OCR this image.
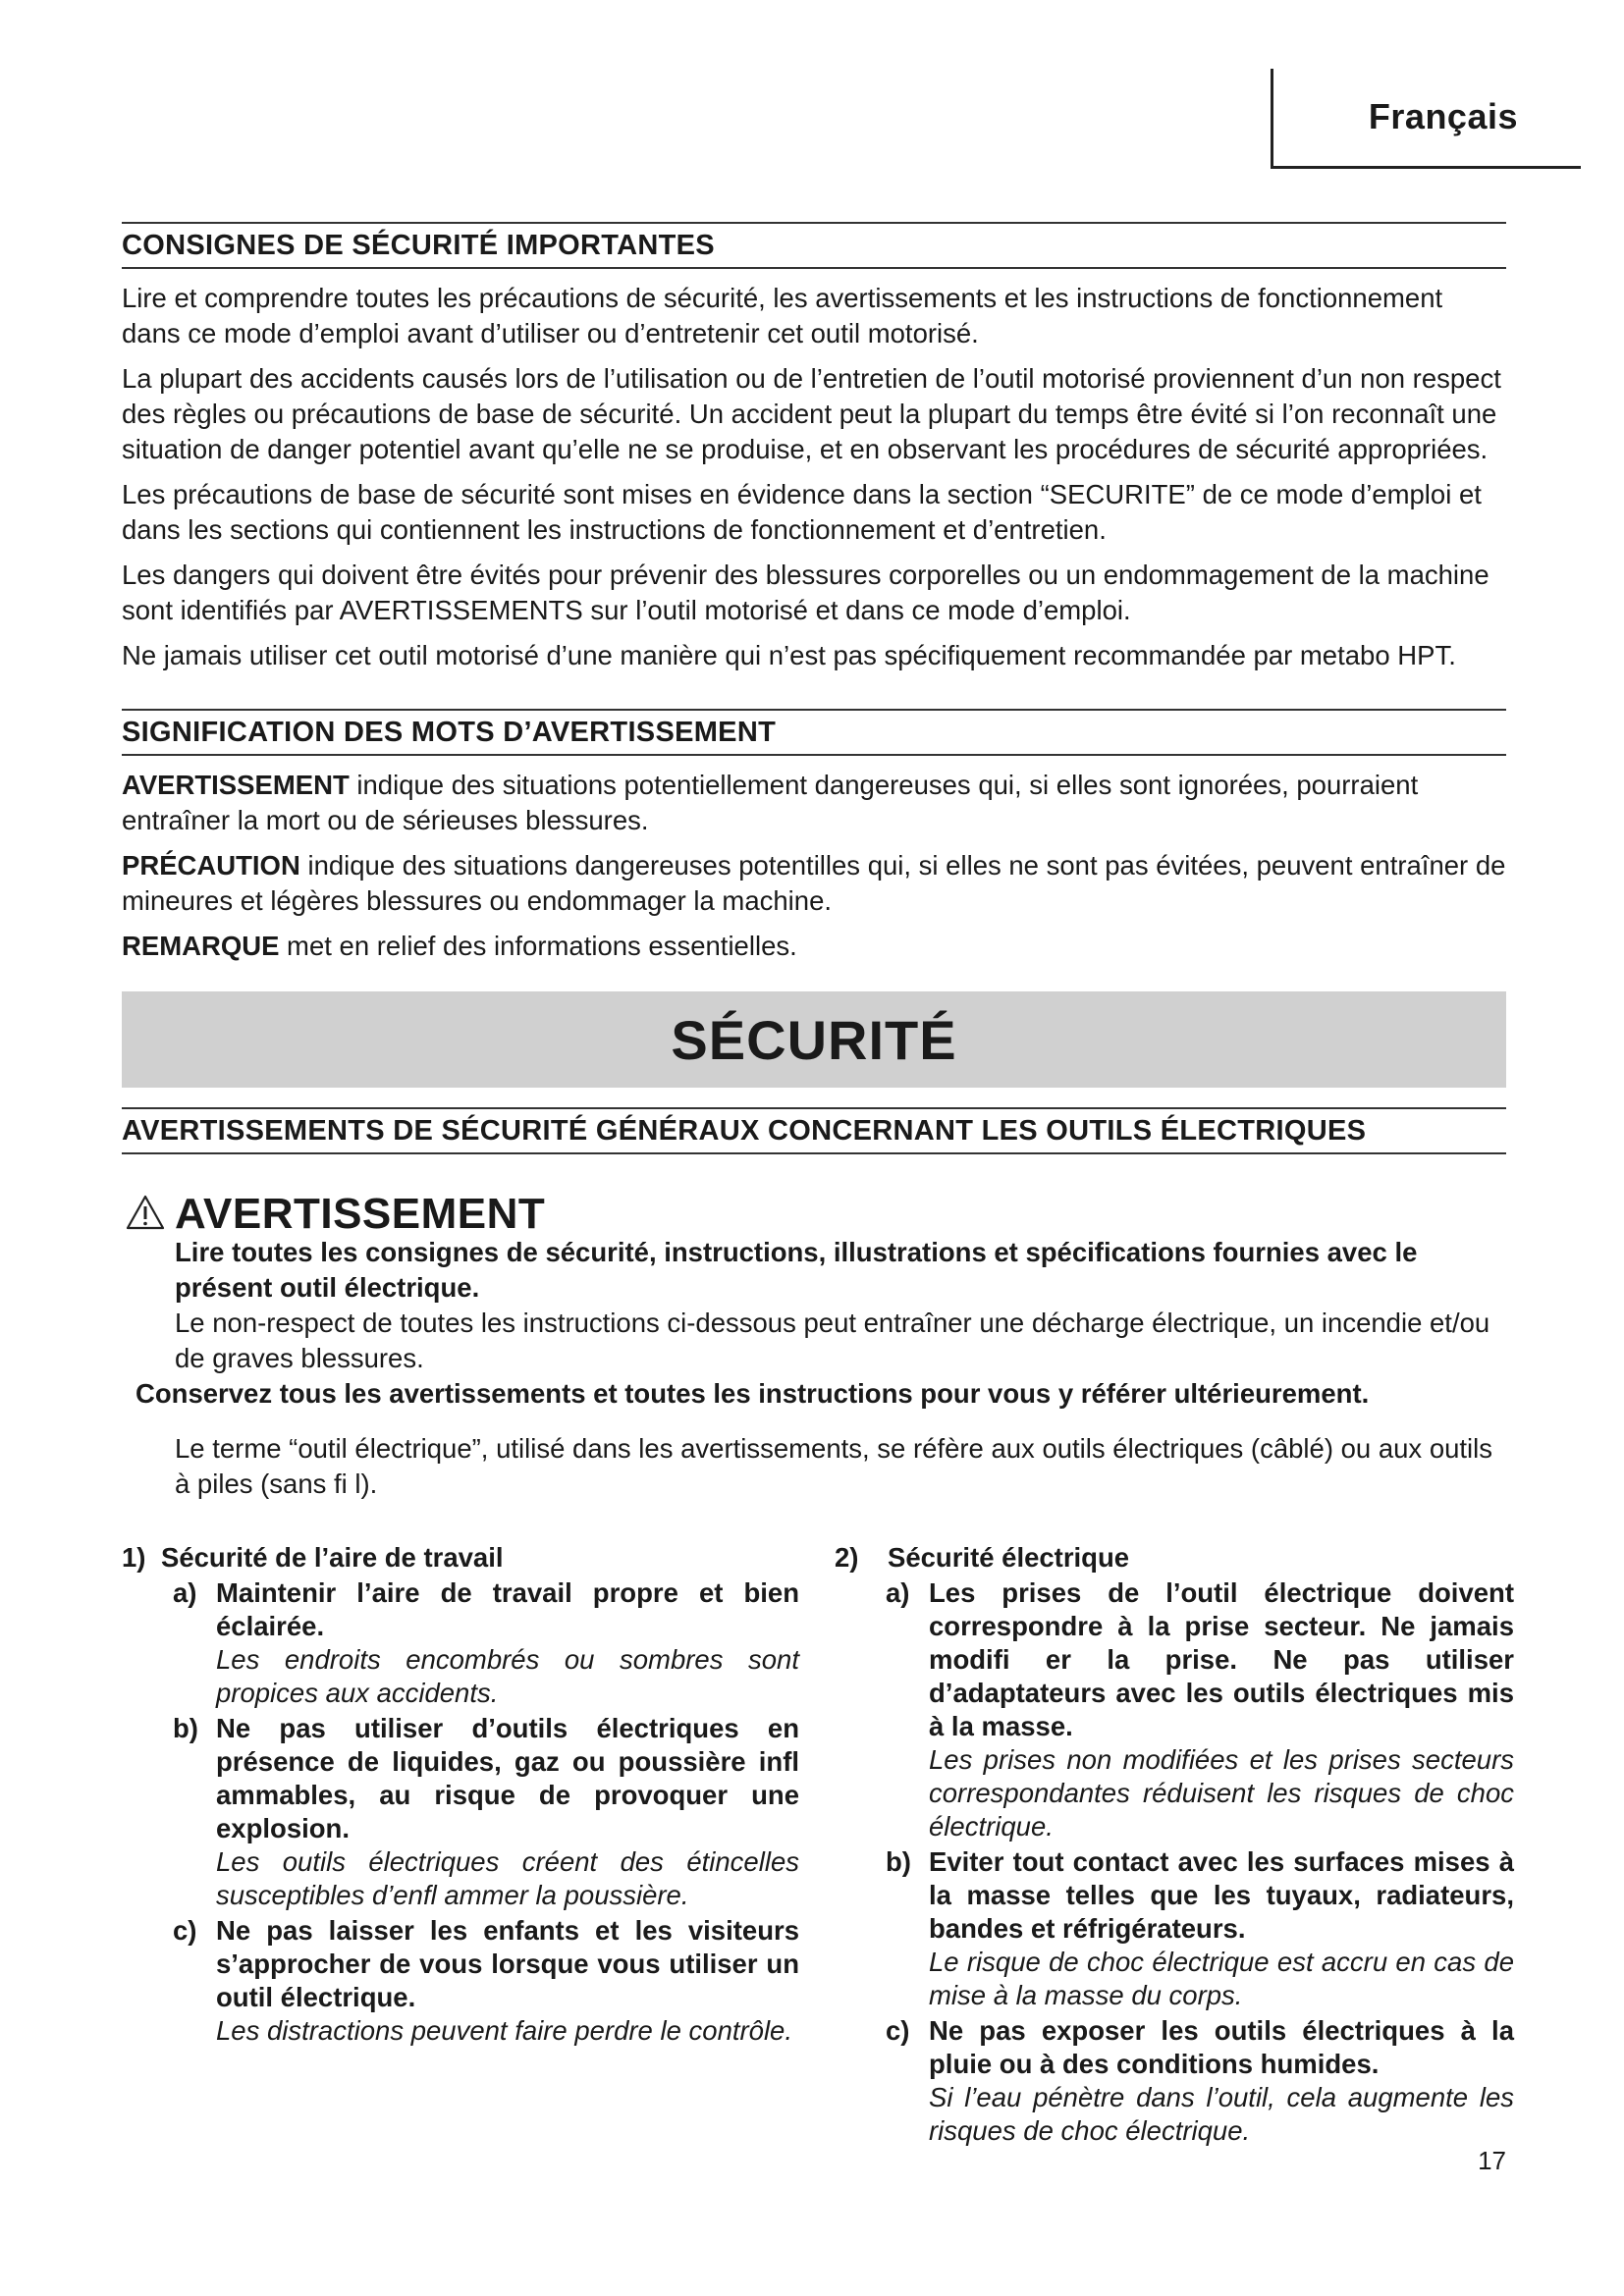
Français
CONSIGNES DE SÉCURITÉ IMPORTANTES

Lire et comprendre toutes les précautions de sécurité, les avertissements et les instructions de fonctionnement dans ce mode d’emploi avant d’utiliser ou d’entretenir cet outil motorisé.

La plupart des accidents causés lors de l’utilisation ou de l’entretien de l’outil motorisé proviennent d’un non respect des règles ou précautions de base de sécurité. Un accident peut la plupart du temps être évité si l’on reconnaît une situation de danger potentiel avant qu’elle ne se produise, et en observant les procédures de sécurité appropriées.

Les précautions de base de sécurité sont mises en évidence dans la section “SECURITE” de ce mode d’emploi et dans les sections qui contiennent les instructions de fonctionnement et d’entretien.

Les dangers qui doivent être évités pour prévenir des blessures corporelles ou un endommagement de la machine sont identifiés par AVERTISSEMENTS sur l’outil motorisé et dans ce mode d’emploi.

Ne jamais utiliser cet outil motorisé d’une manière qui n’est pas spécifiquement recommandée par metabo HPT.

SIGNIFICATION DES MOTS D’AVERTISSEMENT

AVERTISSEMENT indique des situations potentiellement dangereuses qui, si elles sont ignorées, pourraient entraîner la mort ou de sérieuses blessures.

PRÉCAUTION indique des situations dangereuses potentilles qui, si elles ne sont pas évitées, peuvent entraîner de mineures et légères blessures ou endommager la machine.

REMARQUE met en relief des informations essentielles.

SÉCURITÉ
AVERTISSEMENTS DE SÉCURITÉ GÉNÉRAUX CONCERNANT LES OUTILS ÉLECTRIQUES
AVERTISSEMENT
Lire toutes les consignes de sécurité, instructions, illustrations et spécifications fournies avec le présent outil électrique.
Le non-respect de toutes les instructions ci-dessous peut entraîner une décharge électrique, un incendie et/ou de graves blessures.
Conservez tous les avertissements et toutes les instructions pour vous y référer ultérieurement.
Le terme “outil électrique”, utilisé dans les avertissements, se réfère aux outils électriques (câblé) ou aux outils à piles (sans fi l).
1) Sécurité de l’aire de travail
a) Maintenir l’aire de travail propre et bien éclairée.
Les endroits encombrés ou sombres sont propices aux accidents.
b) Ne pas utiliser d’outils électriques en présence de liquides, gaz ou poussière infl ammables, au risque de provoquer une explosion.
Les outils électriques créent des étincelles susceptibles d’enfl ammer la poussière.
c) Ne pas laisser les enfants et les visiteurs s’approcher de vous lorsque vous utiliser un outil électrique.
Les distractions peuvent faire perdre le contrôle.
2)	Sécurité électrique
a) Les prises de l’outil électrique doivent correspondre à la prise secteur. Ne jamais modifi er la prise. Ne pas utiliser d’adaptateurs avec les outils électriques mis à la masse.
Les prises non modifiées et les prises secteurs correspondantes réduisent les risques de choc électrique.
b) Eviter tout contact avec les surfaces mises à la masse telles que les tuyaux, radiateurs, bandes et réfrigérateurs.
Le risque de choc électrique est accru en cas de mise à la masse du corps.
c) Ne pas exposer les outils électriques à la pluie ou à des conditions humides.
Si l’eau pénètre dans l’outil, cela augmente les risques de choc électrique.
17
